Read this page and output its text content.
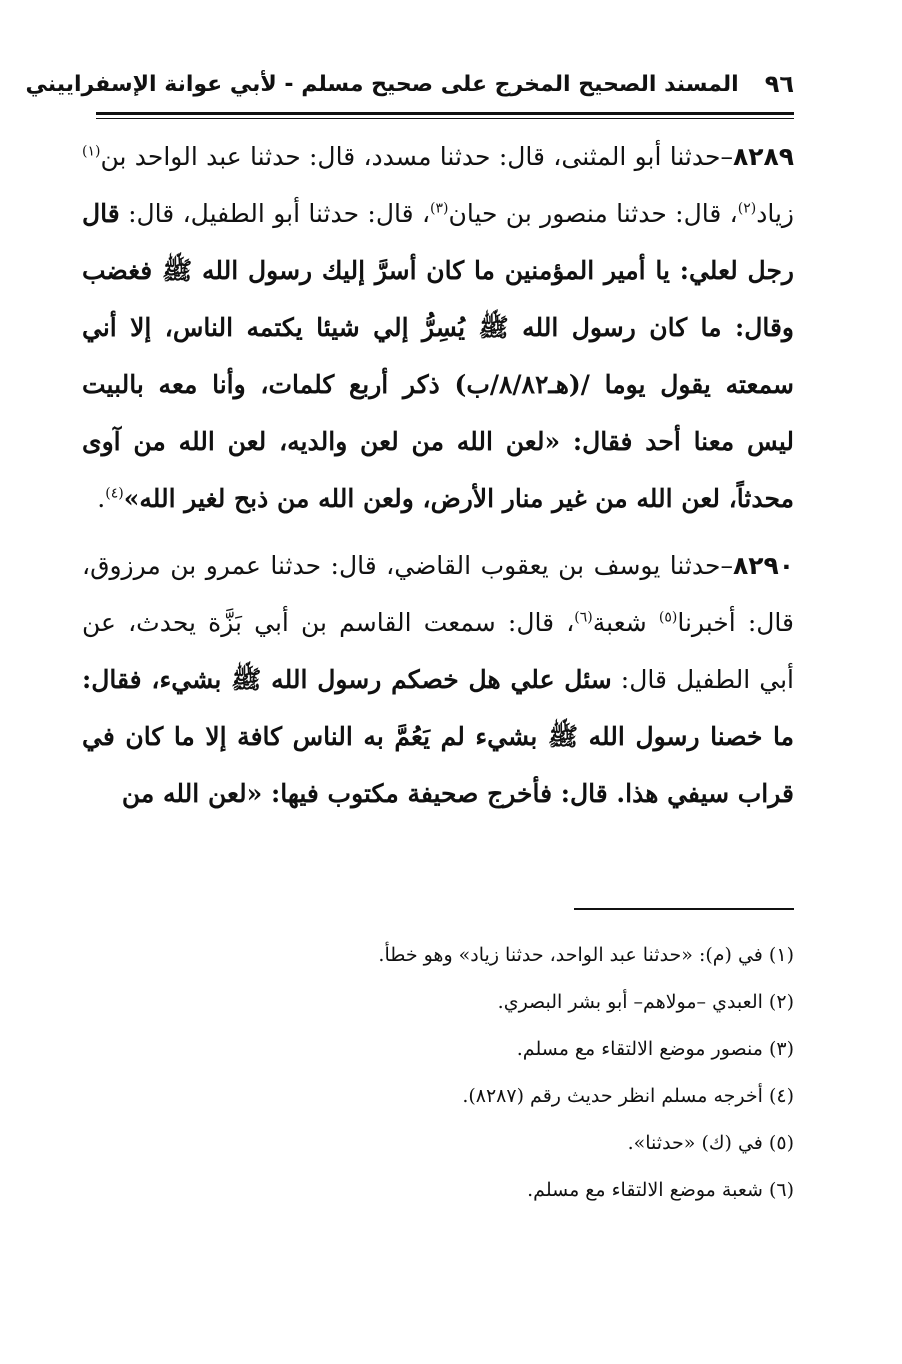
٩٦
المسند الصحيح المخرج على صحيح مسلم - لأبي عوانة الإسفراييني

٨٢٨٩–حدثنا أبو المثنى، قال: حدثنا مسدد، قال: حدثنا عبد الواحد بن$^{(١)}$ زياد$^{(٢)}$، قال: حدثنا منصور بن حيان$^{(٣)}$، قال: حدثنا أبو الطفيل، قال: قال رجل لعلي: يا أمير المؤمنين ما كان أسرَّ إليك رسول الله ﷺ فغضب وقال: ما كان رسول الله ﷺ يُسِرُّ إلي شيئا يكتمه الناس، إلا أني سمعته يقول يوما /(هـ٨/٨٢/ب) ذكر أربع كلمات، وأنا معه بالبيت ليس معنا أحد فقال: «لعن الله من لعن والديه، لعن الله من آوى محدثاً، لعن الله من غير منار الأرض، ولعن الله من ذبح لغير الله»$^{(٤)}$.

٨٢٩٠–حدثنا يوسف بن يعقوب القاضي، قال: حدثنا عمرو بن مرزوق، قال: أخبرنا$^{(٥)}$ شعبة$^{(٦)}$، قال: سمعت القاسم بن أبي بَزَّة يحدث، عن أبي الطفيل قال: سئل علي هل خصكم رسول الله ﷺ بشيء، فقال: ما خصنا رسول الله ﷺ بشيء لم يَعُمَّ به الناس كافة إلا ما كان في قراب سيفي هذا. قال: فأخرج صحيفة مكتوب فيها: «لعن الله من

(١) في (م): «حدثنا عبد الواحد، حدثنا زياد» وهو خطأ.
(٢) العبدي –مولاهم– أبو بشر البصري.
(٣) منصور موضع الالتقاء مع مسلم.
(٤) أخرجه مسلم انظر حديث رقم (٨٢٨٧).
(٥) في (ك) «حدثنا».
(٦) شعبة موضع الالتقاء مع مسلم.
